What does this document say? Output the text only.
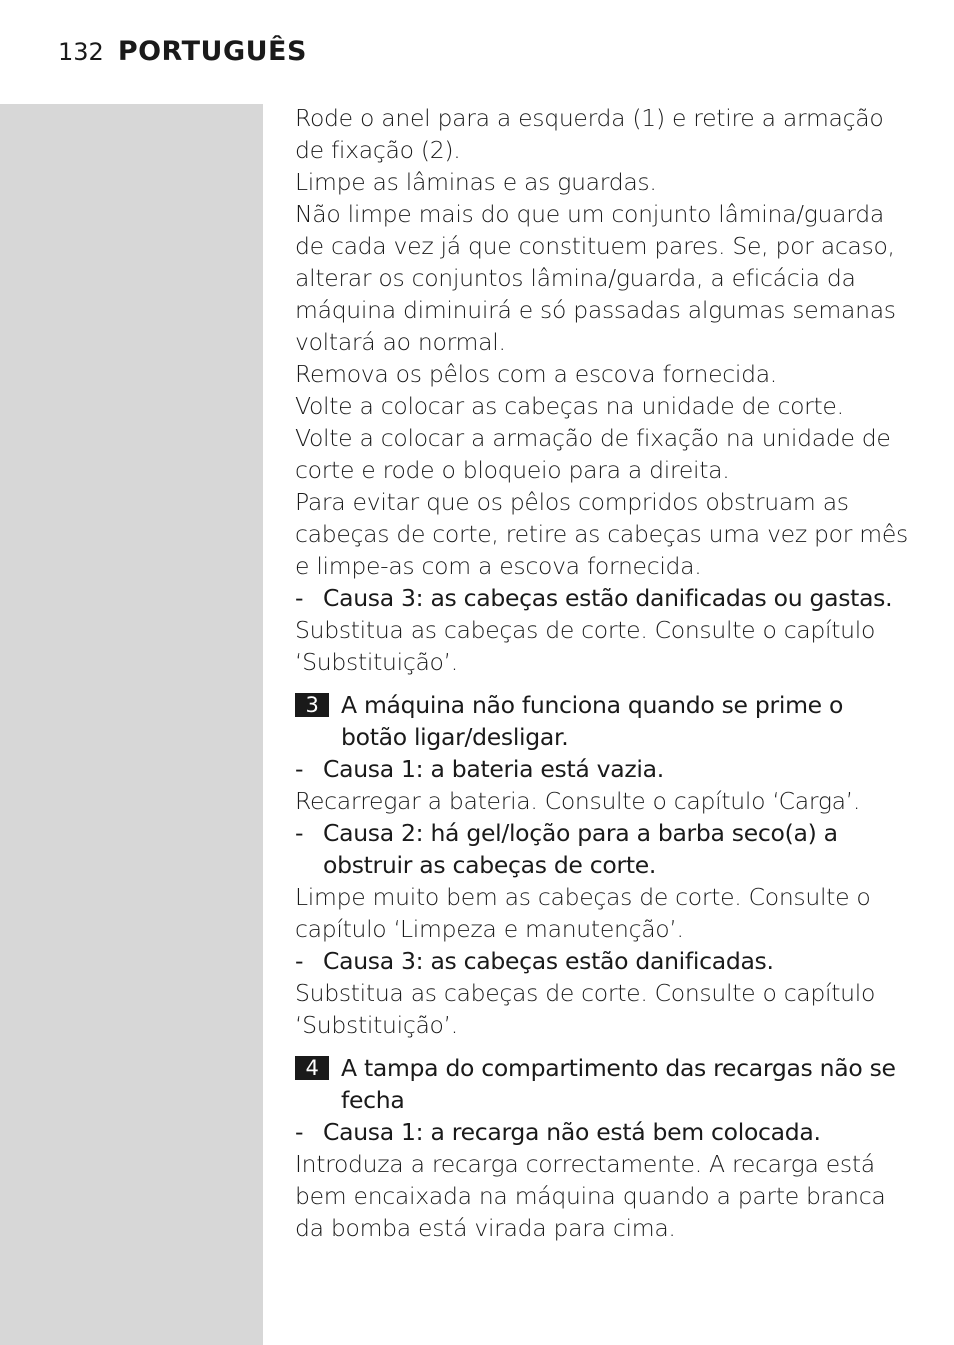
132 PORTUGUÊS

Rode o anel para a esquerda (1) e retire a armação de fixação (2).

Limpe as lâminas e as guardas.

Não limpe mais do que um conjunto lâmina/guarda de cada vez já que constituem pares. Se, por acaso, alterar os conjuntos lâmina/guarda, a eficácia da máquina diminuirá e só passadas algumas semanas voltará ao normal.

Remova os pêlos com a escova fornecida.

Volte a colocar as cabeças na unidade de corte.

Volte a colocar a armação de fixação na unidade de corte e rode o bloqueio para a direita.

Para evitar que os pêlos compridos obstruam as cabeças de corte, retire as cabeças uma vez por mês e limpe-as com a escova fornecida.

- Causa 3: as cabeças estão danificadas ou gastas.

Substitua as cabeças de corte. Consulte o capítulo ‘Substituição’.

3 A máquina não funciona quando se prime o botão ligar/desligar.
- Causa 1: a bateria está vazia.

Recarregar a bateria. Consulte o capítulo ‘Carga’.

- Causa 2: há gel/loção para a barba seco(a) a obstruir as cabeças de corte.

Limpe muito bem as cabeças de corte. Consulte o capítulo ‘Limpeza e manutenção’.

- Causa 3: as cabeças estão danificadas.

Substitua as cabeças de corte. Consulte o capítulo ‘Substituição’.

4 A tampa do compartimento das recargas não se fecha
- Causa 1: a recarga não está bem colocada.

Introduza a recarga correctamente. A recarga está bem encaixada na máquina quando a parte branca da bomba está virada para cima.
